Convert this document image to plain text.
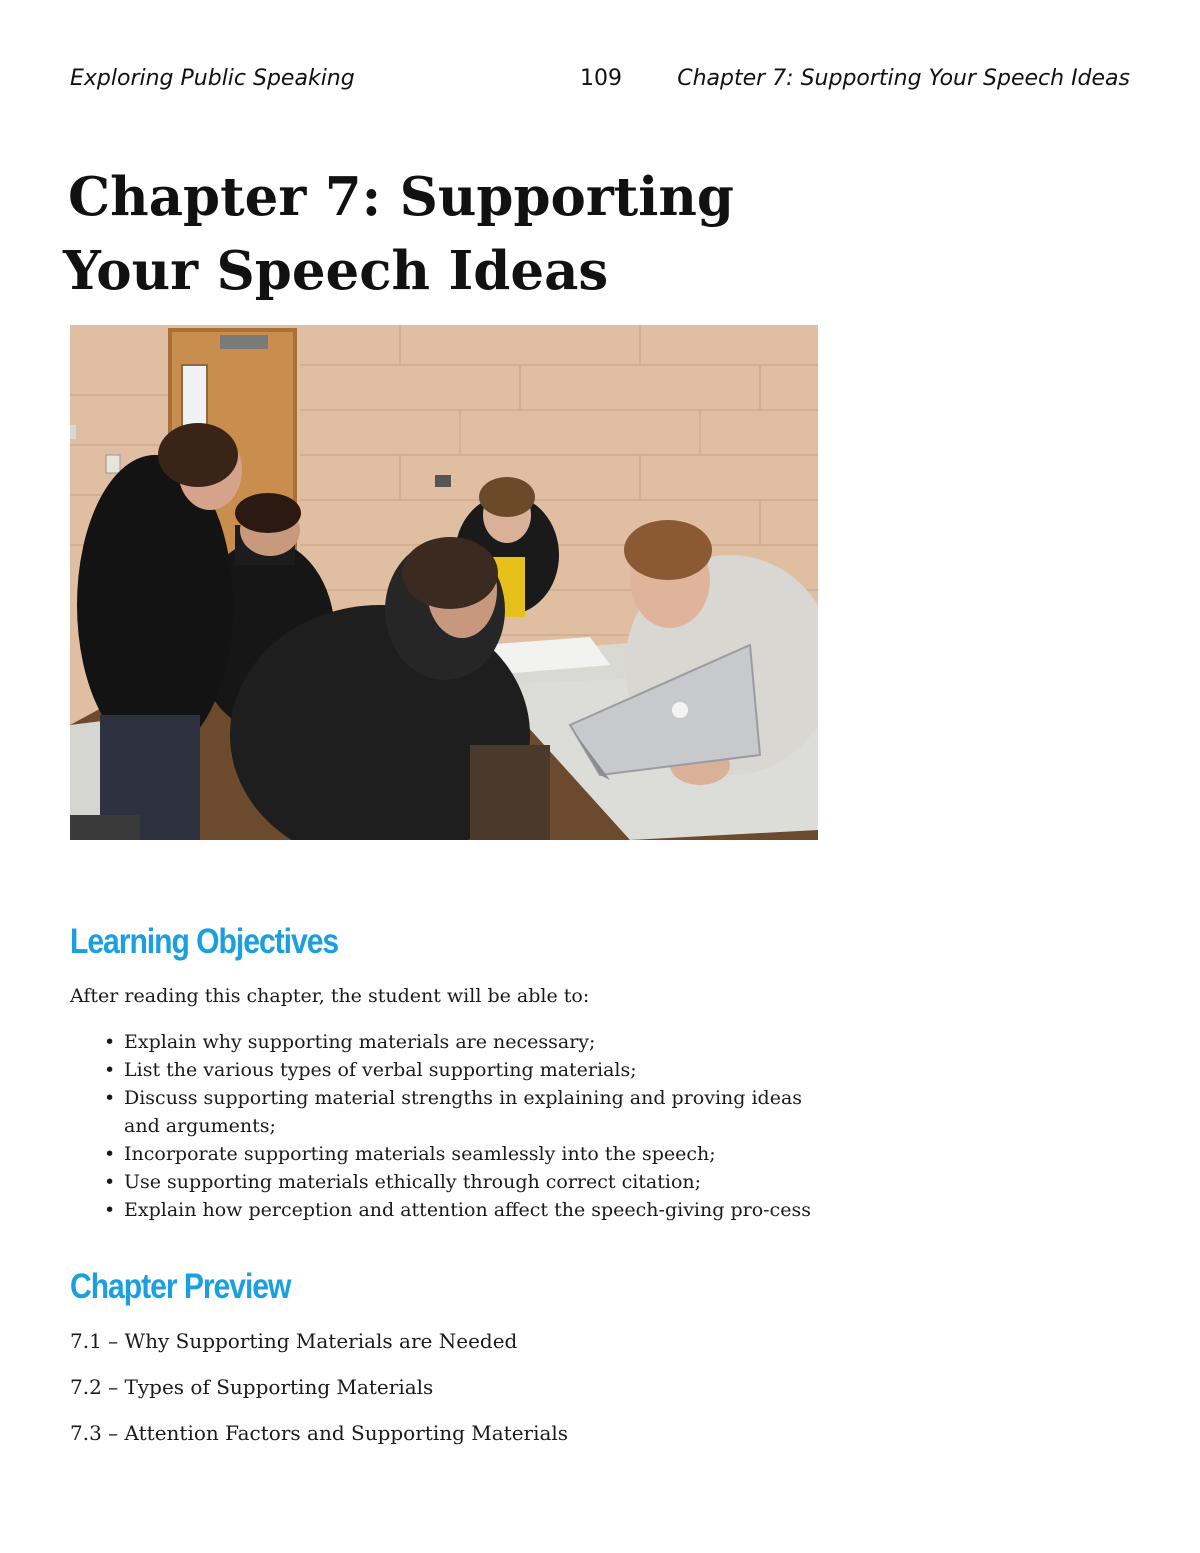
Exploring Public Speaking	109	Chapter 7: Supporting Your Speech Ideas
Chapter 7: Supporting
Your Speech Ideas
Learning Objectives

After reading this chapter, the student will be able to:

• Explain why supporting materials are necessary;
• List the various types of verbal supporting materials;
• Discuss supporting material strengths in explaining and proving ideas and arguments;
• Incorporate supporting materials seamlessly into the speech;
• Use supporting materials ethically through correct citation;
• Explain how perception and attention affect the speech-giving pro-cess
Chapter Preview
7.1 – Why Supporting Materials are Needed
7.2 – Types of Supporting Materials
7.3 – Attention Factors and Supporting Materials
